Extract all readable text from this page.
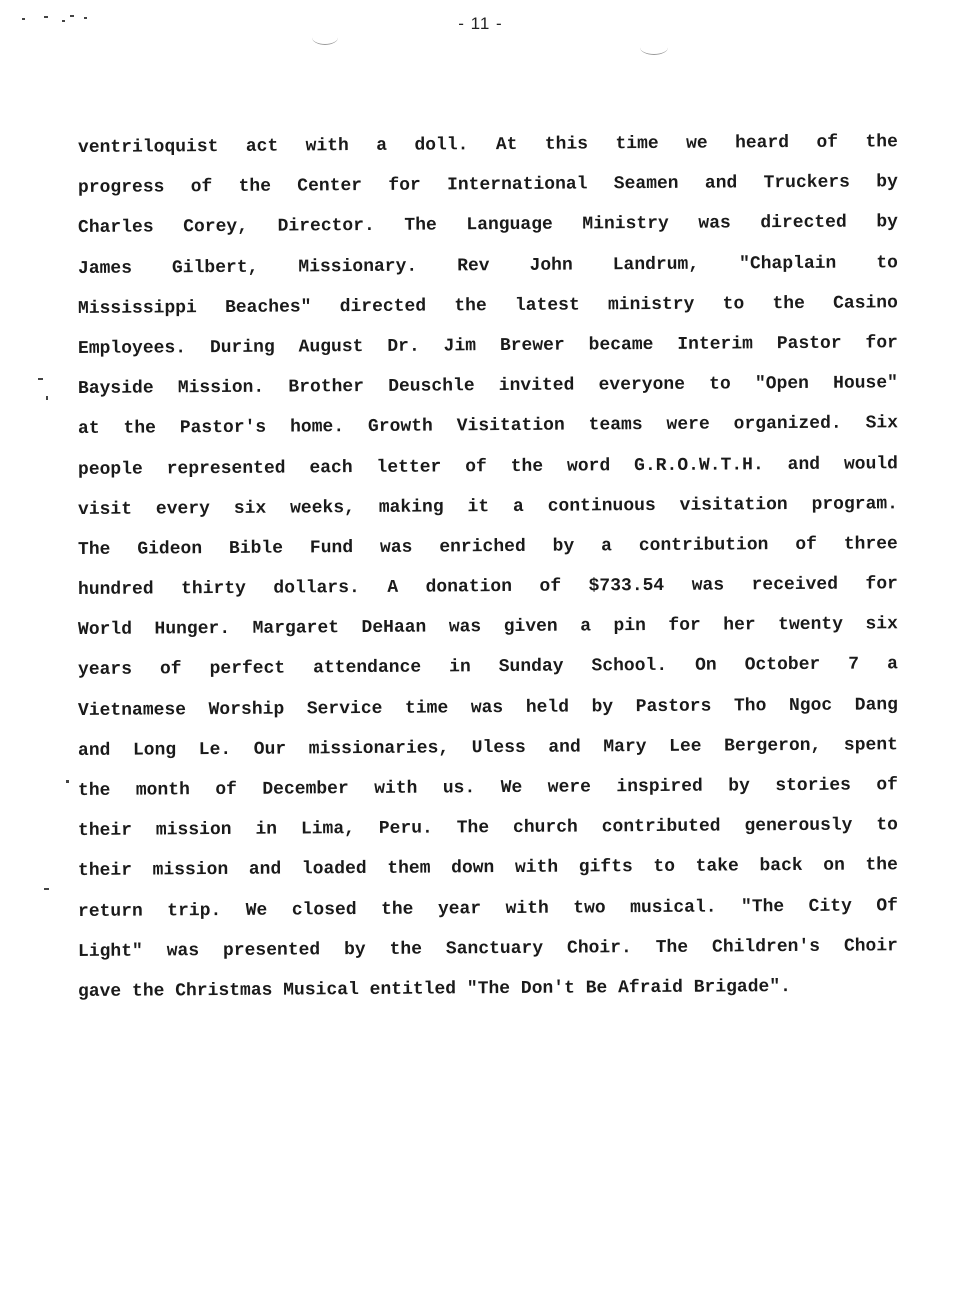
- 11 -
ventriloquist act with a doll. At this time we heard of the
progress of the Center for International Seamen and Truckers by
Charles Corey, Director. The Language Ministry was directed by
James Gilbert, Missionary. Rev John Landrum, "Chaplain to
Mississippi Beaches" directed the latest ministry to the Casino
Employees. During August Dr. Jim Brewer became Interim Pastor for
Bayside Mission. Brother Deuschle invited everyone to "Open House"
at the Pastor's home. Growth Visitation teams were organized. Six
people represented each letter of the word G.R.O.W.T.H. and would
visit every six weeks, making it a continuous visitation program.
The Gideon Bible Fund was enriched by a contribution of three
hundred thirty dollars. A donation of $733.54 was received for
World Hunger. Margaret DeHaan was given a pin for her twenty six
years of perfect attendance in Sunday School. On October 7 a
Vietnamese Worship Service time was held by Pastors Tho Ngoc Dang
and Long Le. Our missionaries, Uless and Mary Lee Bergeron, spent
the month of December with us. We were inspired by stories of
their mission in Lima, Peru. The church contributed generously to
their mission and loaded them down with gifts to take back on the
return trip. We closed the year with two musical. "The City Of
Light" was presented by the Sanctuary Choir. The Children's Choir
gave the Christmas Musical entitled "The Don't Be Afraid Brigade".
